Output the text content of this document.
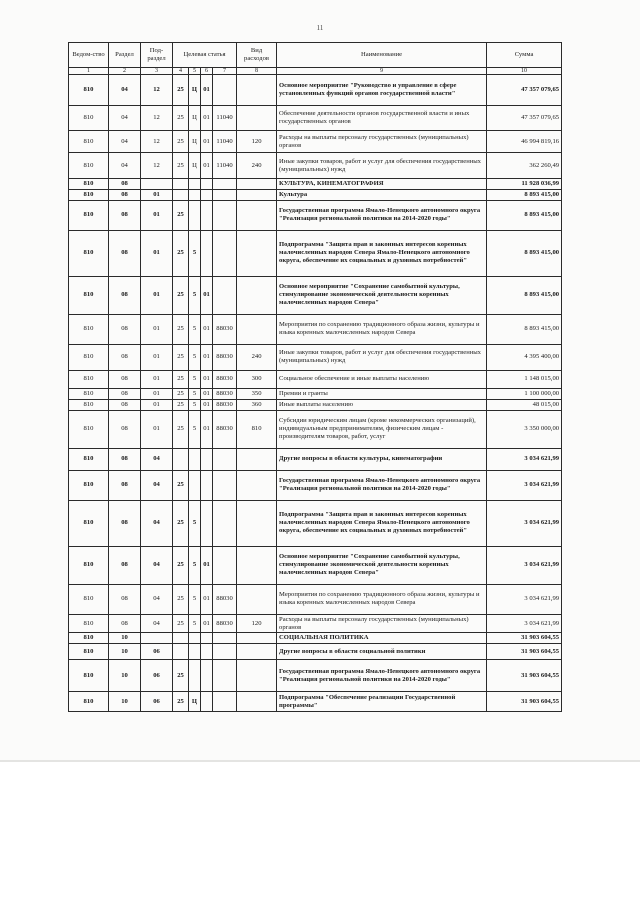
11
Ведом-ство	Раздел	Под-раздел	Целевая статья				Вид расходов	Наименование	Сумма
1	2	3	4	5	6	7	8	9	10
810	04	12	25	Ц	01			Основное мероприятие "Руководство и управление в сфере установленных функций органов государственной власти"	47 357 079,65
810	04	12	25	Ц	01	11040		Обеспечение деятельности органов государственной власти и иных государственных органов	47 357 079,65
810	04	12	25	Ц	01	11040	120	Расходы на выплаты персоналу государственных (муниципальных) органов	46 994 819,16
810	04	12	25	Ц	01	11040	240	Иные закупки товаров, работ и услуг для обеспечения государственных (муниципальных) нужд	362 260,49
810	08							КУЛЬТУРА, КИНЕМАТОГРАФИЯ	11 928 036,99
810	08	01						Культура	8 893 415,00
810	08	01	25					Государственная программа Ямало-Ненецкого автономного округа "Реализация региональной политики на 2014-2020 годы"	8 893 415,00
810	08	01	25	5				Подпрограмма "Защита прав и законных интересов коренных малочисленных народов Севера Ямало-Ненецкого автономного округа, обеспечение их социальных и духовных потребностей"	8 893 415,00
810	08	01	25	5	01			Основное мероприятие "Сохранение самобытной культуры, стимулирование экономической деятельности коренных малочисленных народов Севера"	8 893 415,00
810	08	01	25	5	01	88030		Мероприятия по сохранению традиционного образа жизни, культуры и языка коренных малочисленных народов Севера	8 893 415,00
810	08	01	25	5	01	88030	240	Иные закупки товаров, работ и услуг для обеспечения государственных (муниципальных) нужд	4 395 400,00
810	08	01	25	5	01	88030	300	Социальное обеспечение и иные выплаты населению	1 148 015,00
810	08	01	25	5	01	88030	350	Премии и гранты	1 100 000,00
810	08	01	25	5	01	88030	360	Иные выплаты населению	48 015,00
810	08	01	25	5	01	88030	810	Субсидии юридическим лицам (кроме некоммерческих организаций), индивидуальным предпринимателям, физическим лицам - производителям товаров, работ, услуг	3 350 000,00
810	08	04						Другие вопросы в области культуры, кинематографии	3 034 621,99
810	08	04	25					Государственная программа Ямало-Ненецкого автономного округа "Реализация региональной политики на 2014-2020 годы"	3 034 621,99
810	08	04	25	5				Подпрограмма "Защита прав и законных интересов коренных малочисленных народов Севера Ямало-Ненецкого автономного округа, обеспечение их социальных и духовных потребностей"	3 034 621,99
810	08	04	25	5	01			Основное мероприятие "Сохранение самобытной культуры, стимулирование экономической деятельности коренных малочисленных народов Севера"	3 034 621,99
810	08	04	25	5	01	88030		Мероприятия по сохранению традиционного образа жизни, культуры и языка коренных малочисленных народов Севера	3 034 621,99
810	08	04	25	5	01	88030	120	Расходы на выплаты персоналу государственных (муниципальных) органов	3 034 621,99
810	10							СОЦИАЛЬНАЯ ПОЛИТИКА	31 903 604,55
810	10	06						Другие вопросы в области социальной политики	31 903 604,55
810	10	06	25					Государственная программа Ямало-Ненецкого автономного округа "Реализация региональной политики на 2014-2020 годы"	31 903 604,55
810	10	06	25	Ц				Подпрограмма "Обеспечение реализации Государственной программы"	31 903 604,55
